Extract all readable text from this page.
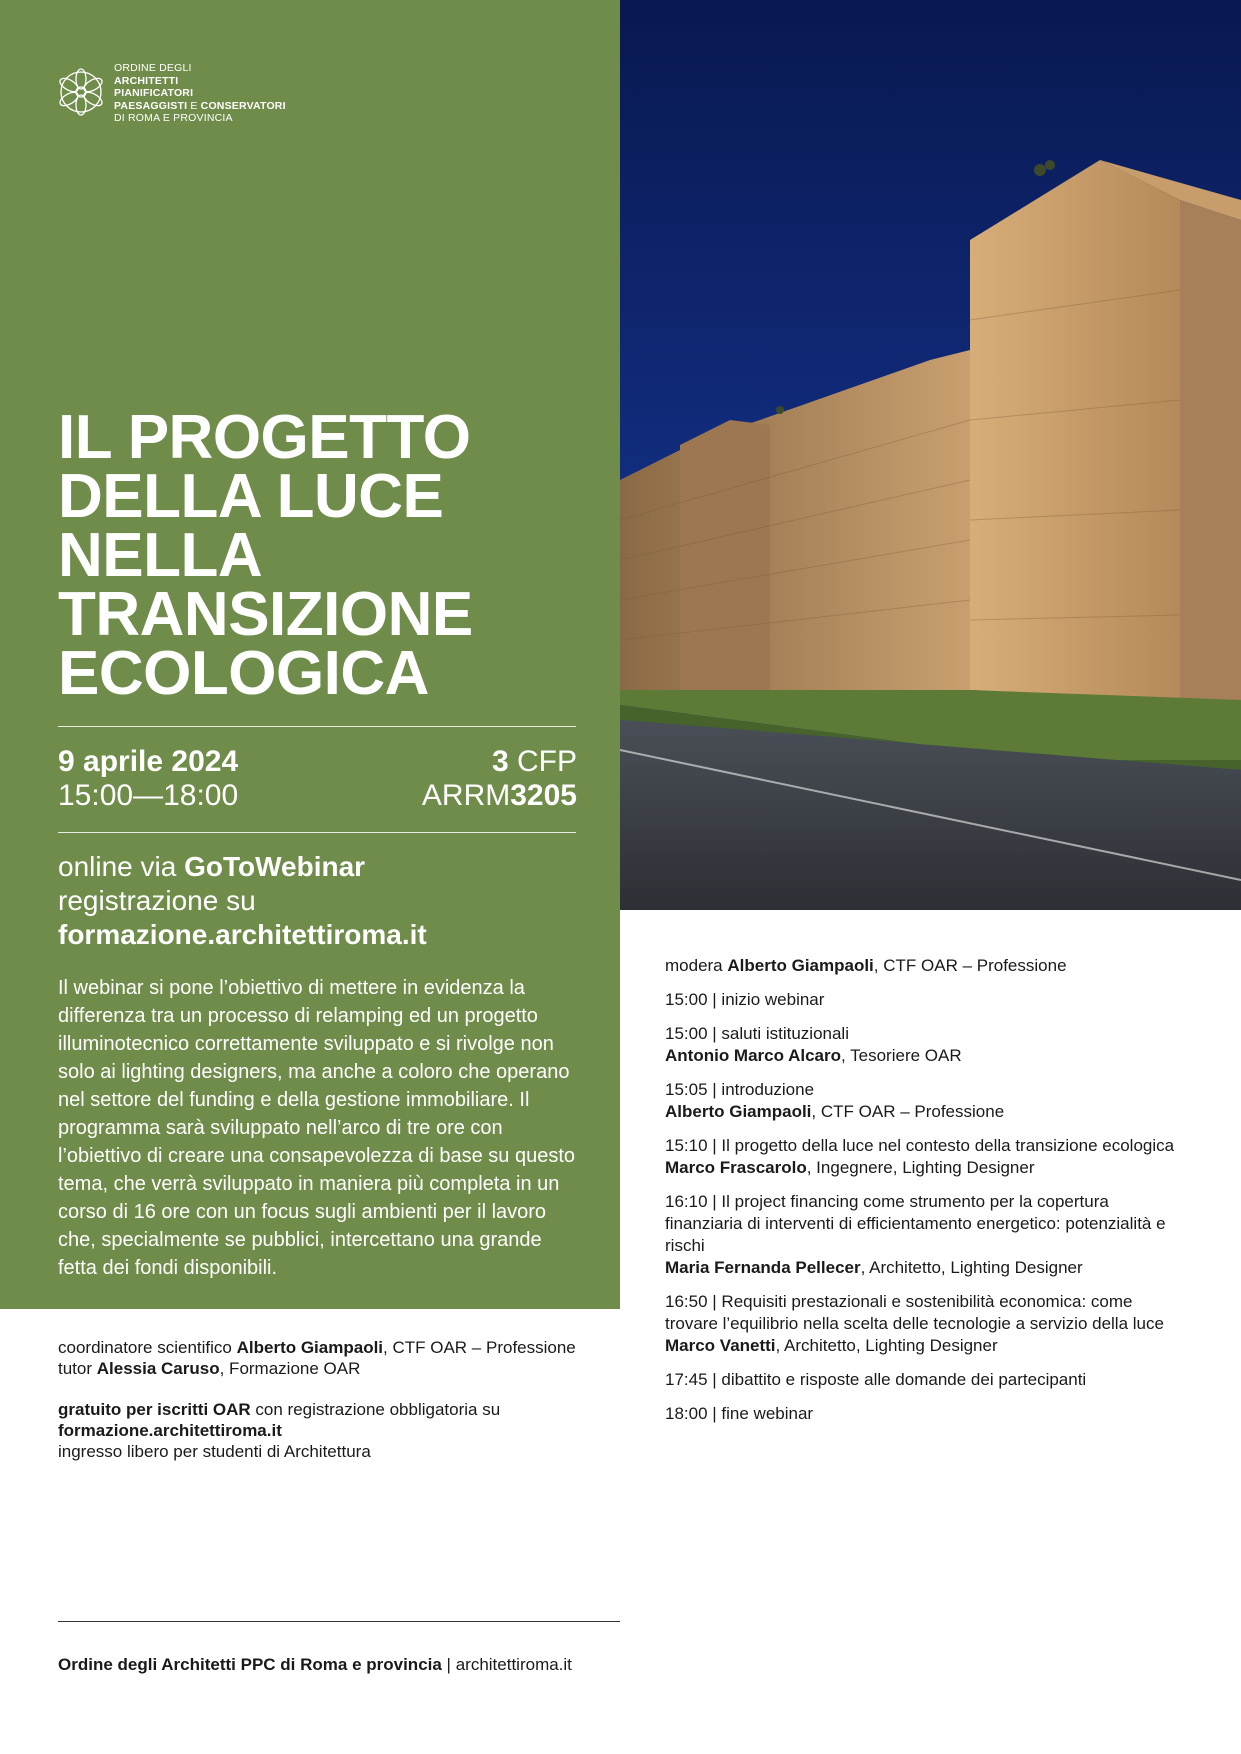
ORDINE DEGLI
ARCHITETTI
PIANIFICATORI
PAESAGGISTI E CONSERVATORI
DI ROMA E PROVINCIA
IL PROGETTO
DELLA LUCE
NELLA
TRANSIZIONE
ECOLOGICA
9 aprile 2024
15:00—18:00
3 CFP
ARRM3205
online via GoToWebinar
registrazione su
formazione.architettiroma.it
Il webinar si pone l’obiettivo di mettere in evidenza la differenza tra un processo di relamping ed un progetto illuminotecnico correttamente sviluppato e si rivolge non solo ai lighting designers, ma anche a coloro che operano nel settore del funding e della gestione immobiliare. Il programma sarà sviluppato nell’arco di tre ore con l’obiettivo di creare una consapevolezza di base su questo tema, che verrà sviluppato in maniera più completa in un corso di 16 ore con un focus sugli ambienti per il lavoro che, specialmente se pubblici, intercettano una grande fetta dei fondi disponibili.
modera Alberto Giampaoli, CTF OAR – Professione
15:00 | inizio webinar
15:00 | saluti istituzionali
Antonio Marco Alcaro, Tesoriere OAR
15:05 | introduzione
Alberto Giampaoli, CTF OAR – Professione
15:10 | Il progetto della luce nel contesto della transizione ecologica
Marco Frascarolo, Ingegnere, Lighting Designer
16:10 | Il project financing come strumento per la copertura finanziaria di interventi di efficientamento energetico: potenzialità e rischi
Maria Fernanda Pellecer, Architetto, Lighting Designer
16:50 | Requisiti prestazionali e sostenibilità economica: come trovare l’equilibrio nella scelta delle tecnologie a servizio della luce
Marco Vanetti, Architetto, Lighting Designer
17:45 | dibattito e risposte alle domande dei partecipanti
18:00 | fine webinar

coordinatore scientifico Alberto Giampaoli, CTF OAR – Professione

tutor Alessia Caruso, Formazione OAR

gratuito per iscritti OAR con registrazione obbligatoria su

formazione.architettiroma.it

ingresso libero per studenti di Architettura

Ordine degli Architetti PPC di Roma e provincia | architettiroma.it
